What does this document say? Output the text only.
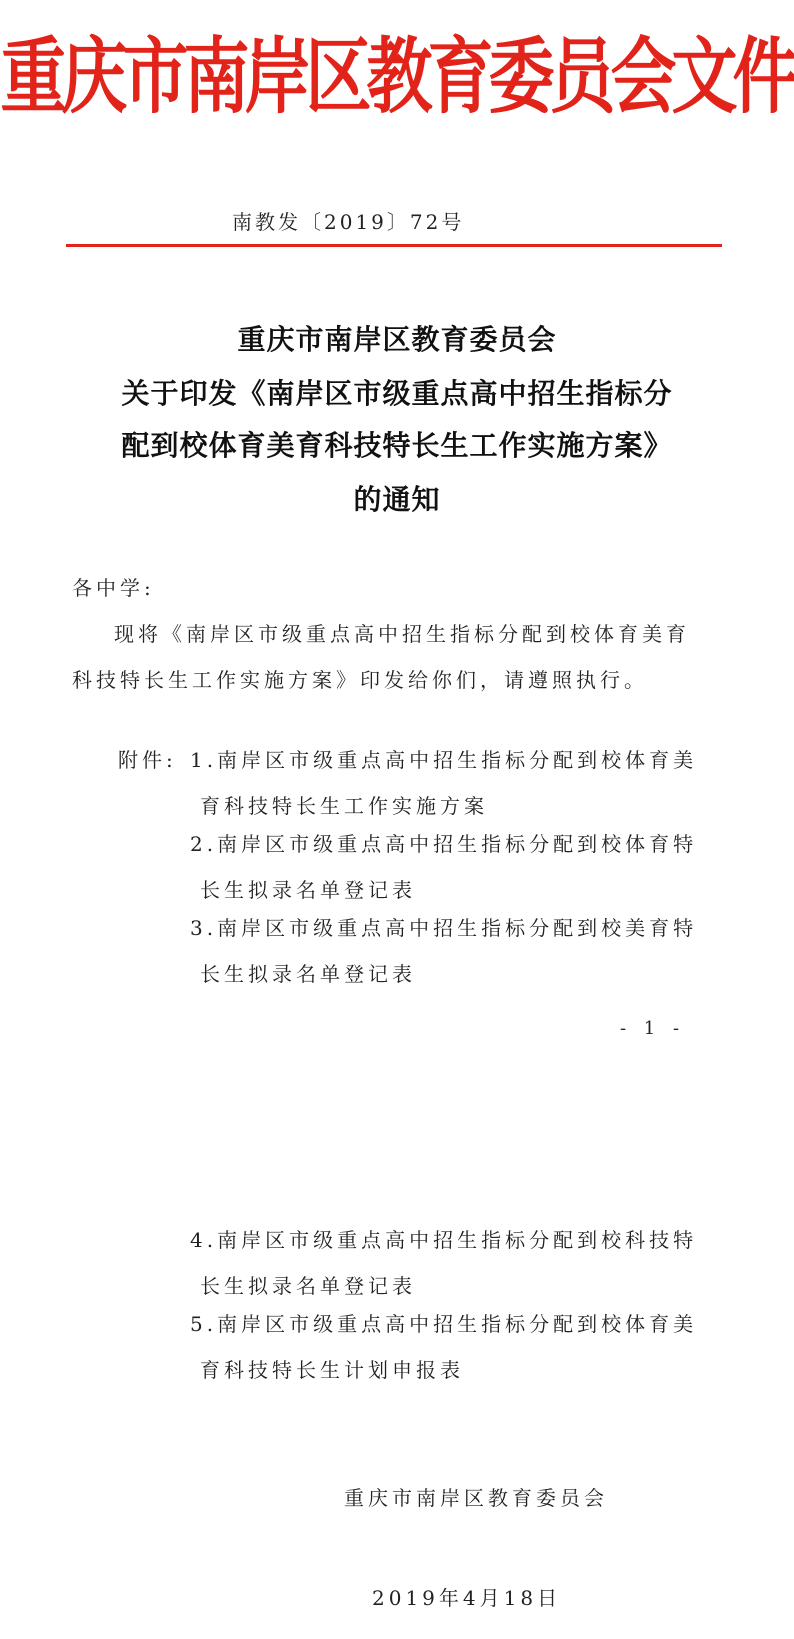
重庆市南岸区教育委员会文件
南教发〔2019〕72号
重庆市南岸区教育委员会
关于印发《南岸区市级重点高中招生指标分
配到校体育美育科技特长生工作实施方案》
的通知
各中学:
现将《南岸区市级重点高中招生指标分配到校体育美育
科技特长生工作实施方案》印发给你们，请遵照执行。
附件: 1.南岸区市级重点高中招生指标分配到校体育美
育科技特长生工作实施方案
2.南岸区市级重点高中招生指标分配到校体育特
长生拟录名单登记表
3.南岸区市级重点高中招生指标分配到校美育特
长生拟录名单登记表
- 1 -
4.南岸区市级重点高中招生指标分配到校科技特
长生拟录名单登记表
5.南岸区市级重点高中招生指标分配到校体育美
育科技特长生计划申报表
重庆市南岸区教育委员会
2019年4月18日
